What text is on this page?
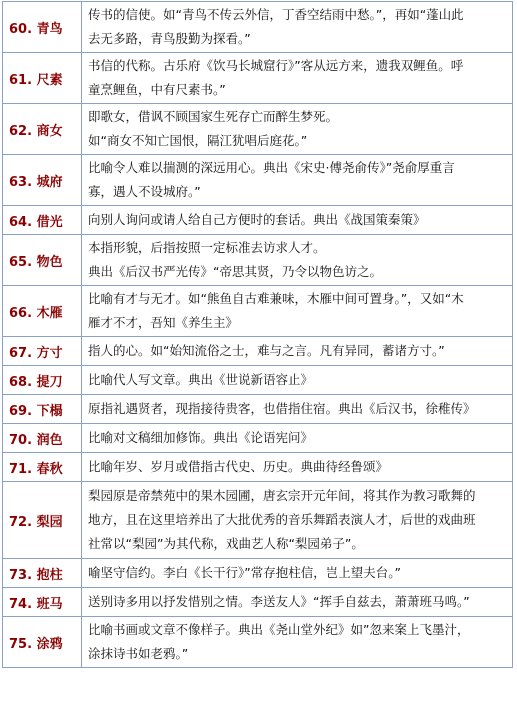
60. 青鸟	传书的信使。如“青鸟不传云外信，丁香空结雨中愁。”，再如“蓬山此
去无多路，青鸟殷勤为探看。”

61. 尺素	书信的代称。古乐府《饮马长城窟行》”客从远方来，遗我双鲤鱼。呼
童烹鲤鱼，中有尺素书。”

62. 商女	即歌女，借讽不顾国家生死存亡而醉生梦死。
如“商女不知亡国恨，隔江犹唱后庭花。”

63. 城府	比喻令人难以揣测的深远用心。典出《宋史·傅尧俞传》”尧俞厚重言
寡，遇人不设城府。”

64. 借光	向别人询问或请人给自己方便时的套话。典出《战国策秦策》

65. 物色	本指形貌，后指按照一定标准去访求人才。
典出《后汉书严光传》“帝思其贤，乃令以物色访之。

66. 木雁	比喻有才与无才。如“熊鱼自古难兼味，木雁中间可置身。”，又如“木
雁才不才，吾知《养生主》

67. 方寸	指人的心。如“始知流俗之士，难与之言。凡有异同，蓄诸方寸。”

68. 提刀	比喻代人写文章。典出《世说新语容止》

69. 下榻	原指礼遇贤者，现指接待贵客，也借指住宿。典出《后汉书，徐稚传》

70. 润色	比喻对文稿细加修饰。典出《论语宪问》

71. 春秋	比喻年岁、岁月或借指古代史、历史。典曲待经鲁颂》

72. 梨园	梨园原是帝禁苑中的果木园圃，唐玄宗开元年间，将其作为教习歌舞的
地方，且在这里培养出了大批优秀的音乐舞蹈表演人才，后世的戏曲班
社常以“梨园”为其代称，戏曲艺人称“梨园弟子”。

73. 抱柱	喻坚守信约。李白《长干行》”常存抱柱信，岂上望夫台。”

74. 班马	送别诗多用以抒发惜别之情。李送友人》“挥手自兹去，萧萧班马鸣。”

75. 涂鸦	比喻书画或文章不像样子。典出《尧山堂外纪》如”忽来案上飞墨汁，
涂抹诗书如老鸦。”
